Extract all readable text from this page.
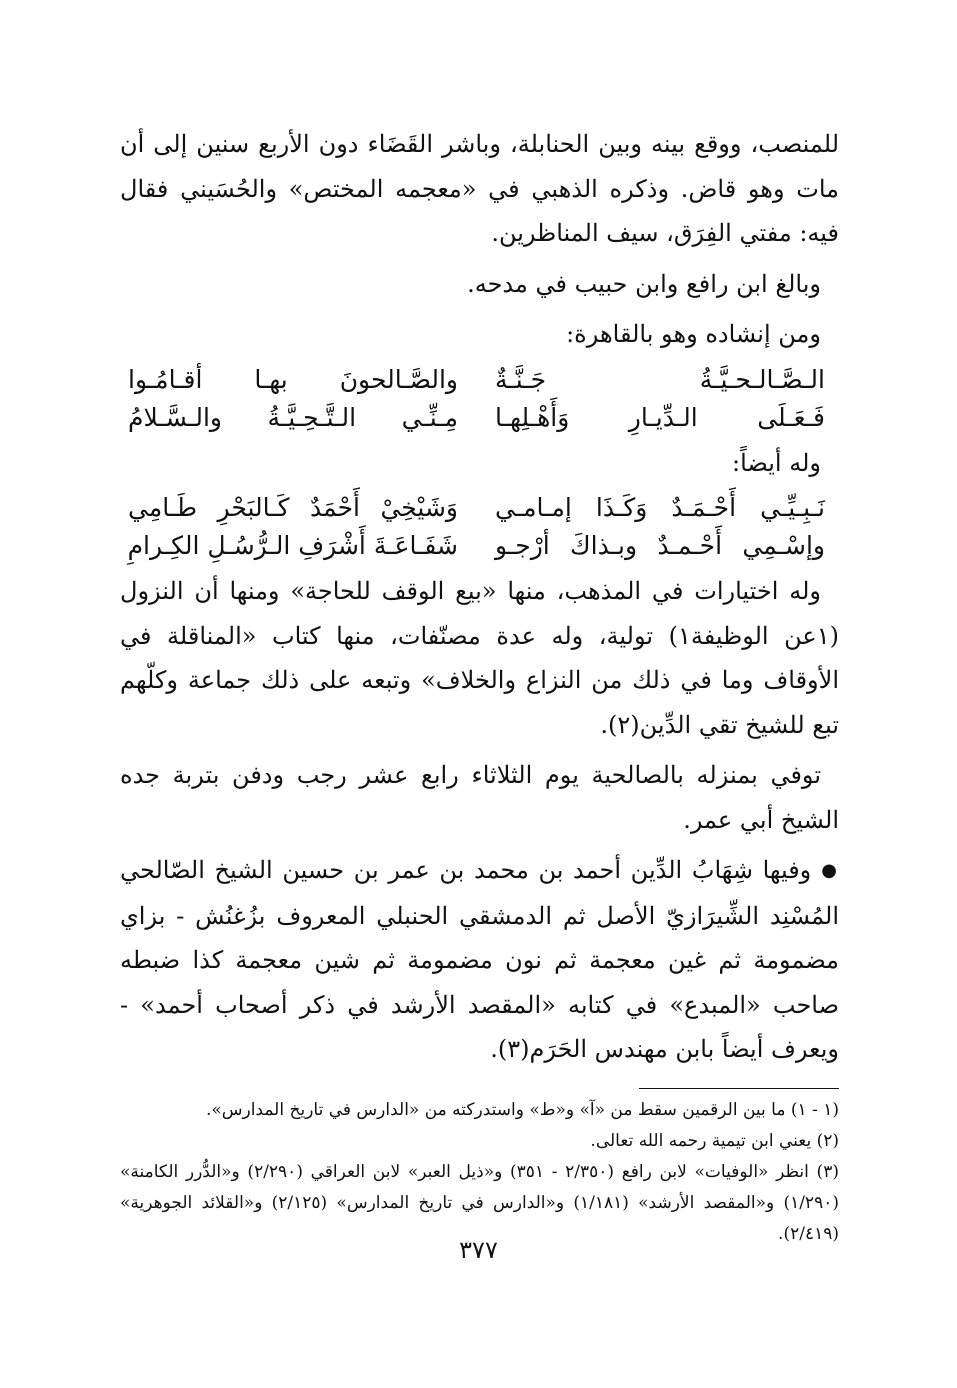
للمنصب، ووقع بينه وبين الحنابلة، وباشر القَضَاء دون الأربع سنين إلى أن مات وهو قاض. وذكره الذهبي في «معجمه المختص» والحُسَيني فقال فيه: مفتي الفِرَق، سيف المناظرين.

وبالغ ابن رافع وابن حبيب في مدحه.

ومن إنشاده وهو بالقاهرة:

الـصَّـالـحـيَّـةُ جَـنَّـةٌ
والصَّـالحونَ بهـا أقـامُـوا
فَـعَـلَى الـدِّيـارِ وَأَهْـلِهـا
مِـنِّـي الـتَّـحِـيَّـةُ والـسَّـلامُ

وله أيضاً:

نَـبِـيِّـي أَحْـمَـدٌ وَكَـذَا إمـامـي
وَشَيْخِيْ أَحْمَدٌ كَـالبَحْرِ طَـامِي
وإسْـمِي أَحْـمـدٌ وبـذاكَ أرْجـو
شَفَـاعَـةَ أَشْرَفِ الـرُّسُـلِ الكِـرامِ

وله اختيارات في المذهب، منها «بيع الوقف للحاجة» ومنها أن النزول (١عن الوظيفة١) تولية، وله عدة مصنّفات، منها كتاب «المناقلة في الأوقاف وما في ذلك من النزاع والخلاف» وتبعه على ذلك جماعة وكلّهم تبع للشيخ تقي الدِّين(٢).

توفي بمنزله بالصالحية يوم الثلاثاء رابع عشر رجب ودفن بتربة جده الشيخ أبي عمر.

● وفيها شِهَابُ الدِّين أحمد بن محمد بن عمر بن حسين الشيخ الصّالحي المُسْنِد الشِّيرَازيّ الأصل ثم الدمشقي الحنبلي المعروف بزُغنُش - بزاي مضمومة ثم غين معجمة ثم نون مضمومة ثم شين معجمة كذا ضبطه صاحب «المبدع» في كتابه «المقصد الأرشد في ذكر أصحاب أحمد» - ويعرف أيضاً بابن مهندس الحَرَم(٣).

(١ - ١) ما بين الرقمين سقط من «آ» و«ط» واستدركته من «الدارس في تاريخ المدارس».

(٢) يعني ابن تيمية رحمه الله تعالى.

(٣) انظر «الوفيات» لابن رافع (٢/٣٥٠ - ٣٥١) و«ذيل العبر» لابن العراقي (٢/٢٩٠) و«الدُّرر الكامنة» (١/٢٩٠) و«المقصد الأرشد» (١/١٨١) و«الدارس في تاريخ المدارس» (٢/١٢٥) و«القلائد الجوهرية» (٢/٤١٩).

٣٧٧
